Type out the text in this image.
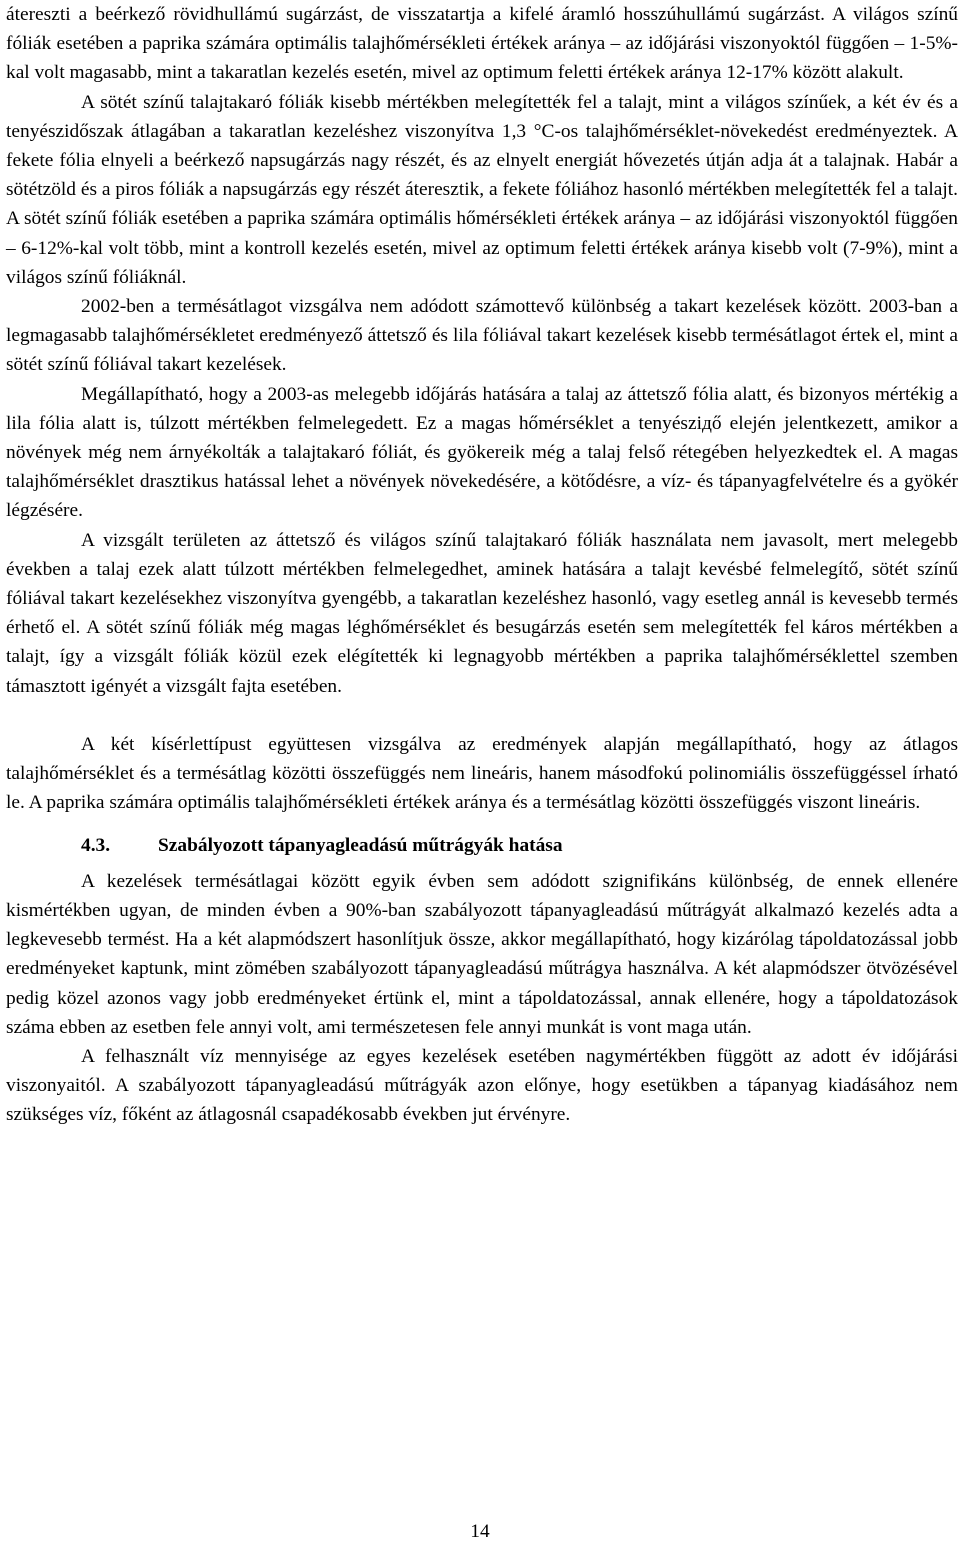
átereszti a beérkező rövidhullámú sugárzást, de visszatartja a kifelé áramló hosszúhullámú sugárzást. A világos színű fóliák esetében a paprika számára optimális talajhőmérsékleti értékek aránya – az időjárási viszonyoktól függően – 1-5%-kal volt magasabb, mint a takaratlan kezelés esetén, mivel az optimum feletti értékek aránya 12-17% között alakult.

A sötét színű talajtakaró fóliák kisebb mértékben melegítették fel a talajt, mint a világos színűek, a két év és a tenyészidőszak átlagában a takaratlan kezeléshez viszonyítva 1,3 °C-os talajhőmérséklet-növekedést eredményeztek. A fekete fólia elnyeli a beérkező napsugárzás nagy részét, és az elnyelt energiát hővezetés útján adja át a talajnak. Habár a sötétzöld és a piros fóliák a napsugárzás egy részét áteresztik, a fekete fóliához hasonló mértékben melegítették fel a talajt. A sötét színű fóliák esetében a paprika számára optimális hőmérsékleti értékek aránya – az időjárási viszonyoktól függően – 6-12%-kal volt több, mint a kontroll kezelés esetén, mivel az optimum feletti értékek aránya kisebb volt (7-9%), mint a világos színű fóliáknál.

2002-ben a termésátlagot vizsgálva nem adódott számottevő különbség a takart kezelések között. 2003-ban a legmagasabb talajhőmérsékletet eredményező áttetsző és lila fóliával takart kezelések kisebb termésátlagot értek el, mint a sötét színű fóliával takart kezelések.

Megállapítható, hogy a 2003-as melegebb időjárás hatására a talaj az áttetsző fólia alatt, és bizonyos mértékig a lila fólia alatt is, túlzott mértékben felmelegedett. Ez a magas hőmérséklet a tenyésziдő elején jelentkezett, amikor a növények még nem árnyékolták a talajtakaró fóliát, és gyökereik még a talaj felső rétegében helyezkedtek el. A magas talajhőmérséklet drasztikus hatással lehet a növények növekedésére, a kötődésre, a víz- és tápanyagfelvételre és a gyökér légzésére.

A vizsgált területen az áttetsző és világos színű talajtakaró fóliák használata nem javasolt, mert melegebb években a talaj ezek alatt túlzott mértékben felmelegedhet, aminek hatására a talajt kevésbé felmelegítő, sötét színű fóliával takart kezelésekhez viszonyítva gyengébb, a takaratlan kezeléshez hasonló, vagy esetleg annál is kevesebb termés érhető el. A sötét színű fóliák még magas léghőmérséklet és besugárzás esetén sem melegítették fel káros mértékben a talajt, így a vizsgált fóliák közül ezek elégítették ki legnagyobb mértékben a paprika talajhőmérséklettel szemben támasztott igényét a vizsgált fajta esetében.

A két kísérlettípust együttesen vizsgálva az eredmények alapján megállapítható, hogy az átlagos talajhőmérséklet és a termésátlag közötti összefüggés nem lineáris, hanem másodfokú polinomiális összefüggéssel írható le. A paprika számára optimális talajhőmérsékleti értékek aránya és a termésátlag közötti összefüggés viszont lineáris.

4.3.	Szabályozott tápanyagleadású műtrágyák hatása

A kezelések termésátlagai között egyik évben sem adódott szignifikáns különbség, de ennek ellenére kismértékben ugyan, de minden évben a 90%-ban szabályozott tápanyagleadású műtrágyát alkalmazó kezelés adta a legkevesebb termést. Ha a két alapmódszert hasonlítjuk össze, akkor megállapítható, hogy kizárólag tápoldatozással jobb eredményeket kaptunk, mint zömében szabályozott tápanyagleadású műtrágya használva. A két alapmódszer ötvözésével pedig közel azonos vagy jobb eredményeket értünk el, mint a tápoldatozással, annak ellenére, hogy a tápoldatozások száma ebben az esetben fele annyi volt, ami természetesen fele annyi munkát is vont maga után.

A felhasznált víz mennyisége az egyes kezelések esetében nagymértékben függött az adott év időjárási viszonyaitól. A szabályozott tápanyagleadású műtrágyák azon előnye, hogy esetükben a tápanyag kiadásához nem szükséges víz, főként az átlagosnál csapadékosabb években jut érvényre.

14
